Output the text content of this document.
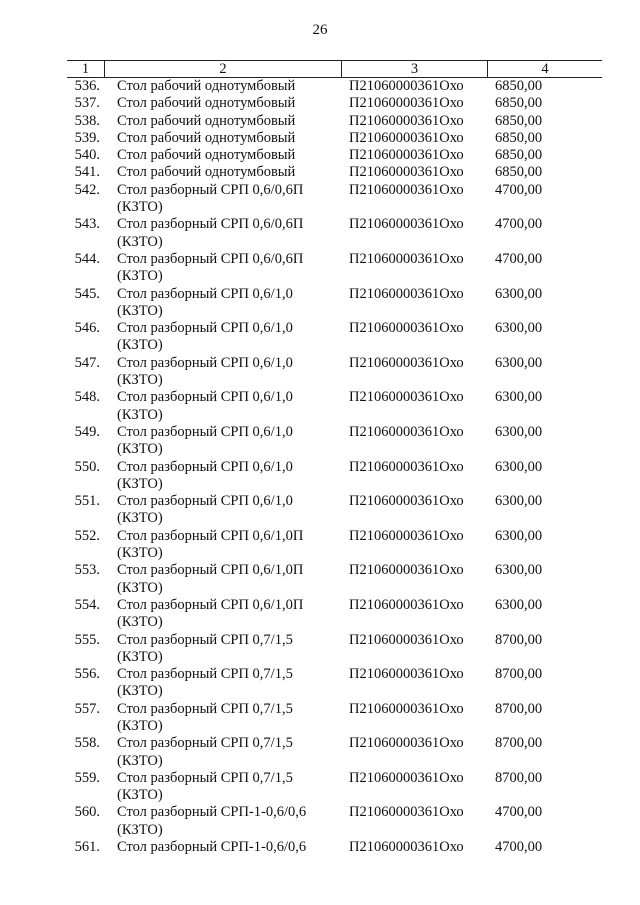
26
1	2	3	4
536. Стол рабочий однотумбовый	П21060000361Охо 6850,00
537. Стол рабочий однотумбовый	П21060000361Охо 6850,00
538. Стол рабочий однотумбовый	П21060000361Охо 6850,00
539. Стол рабочий однотумбовый	П21060000361Охо 6850,00
540. Стол рабочий однотумбовый	П21060000361Охо 6850,00
541. Стол рабочий однотумбовый	П21060000361Охо 6850,00
542. Стол разборный СРП 0,6/0,6П	П21060000361Охо 4700,00
(КЗТО)
543. Стол разборный СРП 0,6/0,6П	П21060000361Охо 4700,00
(КЗТО)
544. Стол разборный СРП 0,6/0,6П	П21060000361Охо 4700,00
(КЗТО)
545. Стол разборный СРП 0,6/1,0	П21060000361Охо 6300,00
(КЗТО)
546. Стол разборный СРП 0,6/1,0	П21060000361Охо 6300,00
(КЗТО)
547. Стол разборный СРП 0,6/1,0	П21060000361Охо 6300,00
(КЗТО)
548. Стол разборный СРП 0,6/1,0	П21060000361Охо 6300,00
(КЗТО)
549. Стол разборный СРП 0,6/1,0	П21060000361Охо 6300,00
(КЗТО)
550. Стол разборный СРП 0,6/1,0	П21060000361Охо 6300,00
(КЗТО)
551. Стол разборный СРП 0,6/1,0	П21060000361Охо 6300,00
(КЗТО)
552. Стол разборный СРП 0,6/1,0П	П21060000361Охо 6300,00
(КЗТО)
553. Стол разборный СРП 0,6/1,0П	П21060000361Охо 6300,00
(КЗТО)
554. Стол разборный СРП 0,6/1,0П	П21060000361Охо 6300,00
(КЗТО)
555. Стол разборный СРП 0,7/1,5	П21060000361Охо 8700,00
(КЗТО)
556. Стол разборный СРП 0,7/1,5	П21060000361Охо 8700,00
(КЗТО)
557. Стол разборный СРП 0,7/1,5	П21060000361Охо 8700,00
(КЗТО)
558. Стол разборный СРП 0,7/1,5	П21060000361Охо 8700,00
(КЗТО)
559. Стол разборный СРП 0,7/1,5	П21060000361Охо 8700,00
(КЗТО)
560. Стол разборный СРП-1-0,6/0,6	П21060000361Охо 4700,00
(КЗТО)
561. Стол разборный СРП-1-0,6/0,6	П21060000361Охо 4700,00
